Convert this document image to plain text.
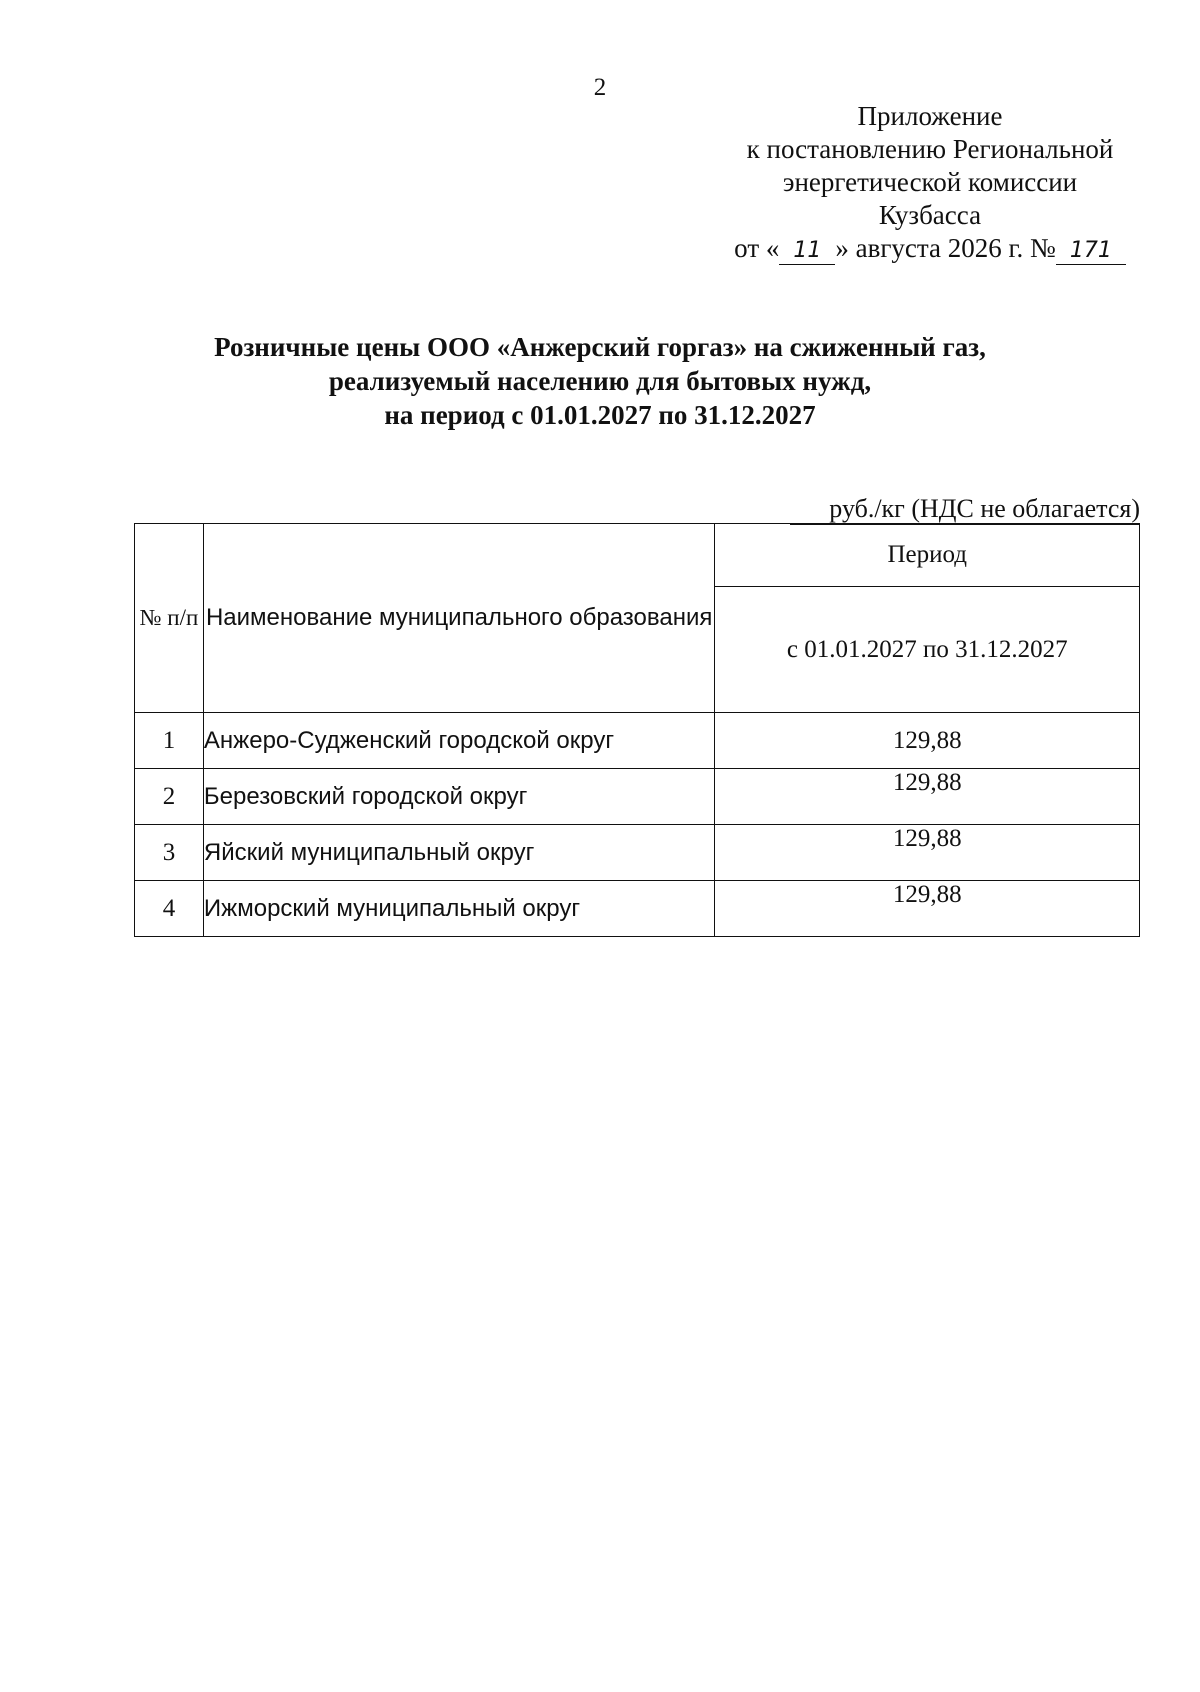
2
Приложение
к постановлению Региональной
энергетической комиссии
Кузбасса
от « 11 » августа 2026 г. № 171
Розничные цены ООО «Анжерский горгаз» на сжиженный газ,
реализуемый населению для бытовых нужд,
на период с 01.01.2027 по 31.12.2027
руб./кг (НДС не облагается)
№ п/п	Наименование муниципального образования	Период
		с 01.01.2027 по 31.12.2027
1	Анжеро-Судженский городской округ	129,88
2	Березовский городской округ	129,88
3	Яйский муниципальный округ	129,88
4	Ижморский муниципальный округ	129,88
